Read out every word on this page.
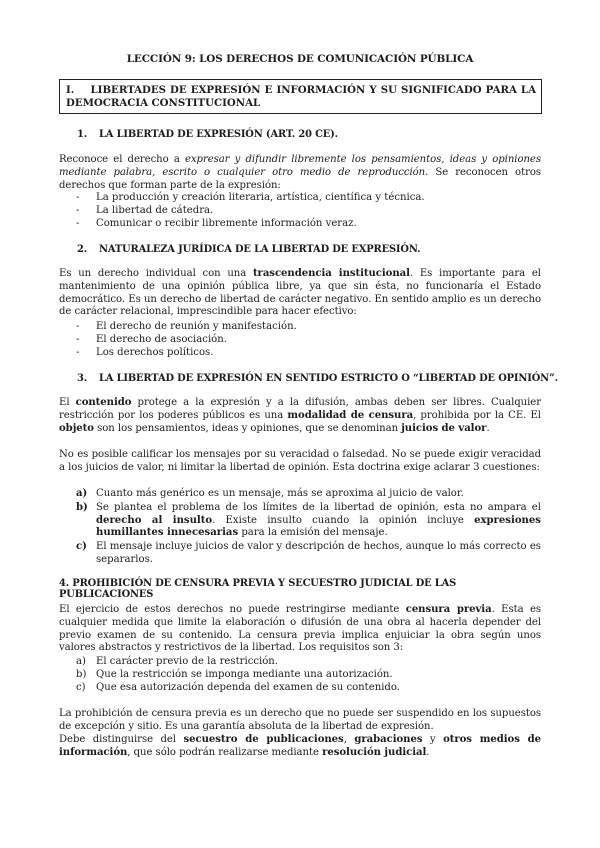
LECCIÓN 9: LOS DERECHOS DE COMUNICACIÓN PÚBLICA
I.    LIBERTADES DE EXPRESIÓN E INFORMACIÓN Y SU SIGNIFICADO PARA LA DEMOCRACIA CONSTITUCIONAL
1. LA LIBERTAD DE EXPRESIÓN (ART. 20 CE).
Reconoce el derecho a expresar y difundir libremente los pensamientos, ideas y opiniones mediante palabra, escrito o cualquier otro medio de reproducción. Se reconocen otros derechos que forman parte de la expresión:
- La producción y creación literaria, artística, científica y técnica.
- La libertad de cátedra.
- Comunicar o recibir libremente información veraz.
2. NATURALEZA JURÍDICA DE LA LIBERTAD DE EXPRESIÓN.
Es un derecho individual con una trascendencia institucional. Es importante para el mantenimiento de una opinión pública libre, ya que sin ésta, no funcionaría el Estado democrático. Es un derecho de libertad de carácter negativo. En sentido amplio es un derecho de carácter relacional, imprescindible para hacer efectivo:
- El derecho de reunión y manifestación.
- El derecho de asociación.
- Los derechos políticos.
3. LA LIBERTAD DE EXPRESIÓN EN SENTIDO ESTRICTO O “LIBERTAD DE OPINIÓN”.
El contenido protege a la expresión y a la difusión, ambas deben ser libres. Cualquier restricción por los poderes públicos es una modalidad de censura, prohibida por la CE. El objeto son los pensamientos, ideas y opiniones, que se denominan juicios de valor.
No es posible calificar los mensajes por su veracidad o falsedad. No se puede exigir veracidad a los juicios de valor, ni limitar la libertad de opinión. Esta doctrina exige aclarar 3 cuestiones:
a) Cuanto más genérico es un mensaje, más se aproxima al juicio de valor.
b) Se plantea el problema de los límites de la libertad de opinión, esta no ampara el derecho al insulto. Existe insulto cuando la opinión incluye expresiones humillantes innecesarias para la emisión del mensaje.
c) El mensaje incluye juicios de valor y descripción de hechos, aunque lo más correcto es separarlos.
4. PROHIBICIÓN DE CENSURA PREVIA Y SECUESTRO JUDICIAL DE LAS PUBLICACIONES
El ejercicio de estos derechos no puede restringirse mediante censura previa. Esta es cualquier medida que limite la elaboración o difusión de una obra al hacerla depender del previo examen de su contenido. La censura previa implica enjuiciar la obra según unos valores abstractos y restrictivos de la libertad. Los requisitos son 3:
a) El carácter previo de la restricción.
b) Que la restricción se imponga mediante una autorización.
c) Que esa autorización dependa del examen de su contenido.
La prohibición de censura previa es un derecho que no puede ser suspendido en los supuestos de excepción y sitio. Es una garantía absoluta de la libertad de expresión.
Debe distinguirse del secuestro de publicaciones, grabaciones y otros medios de información, que sólo podrán realizarse mediante resolución judicial.
